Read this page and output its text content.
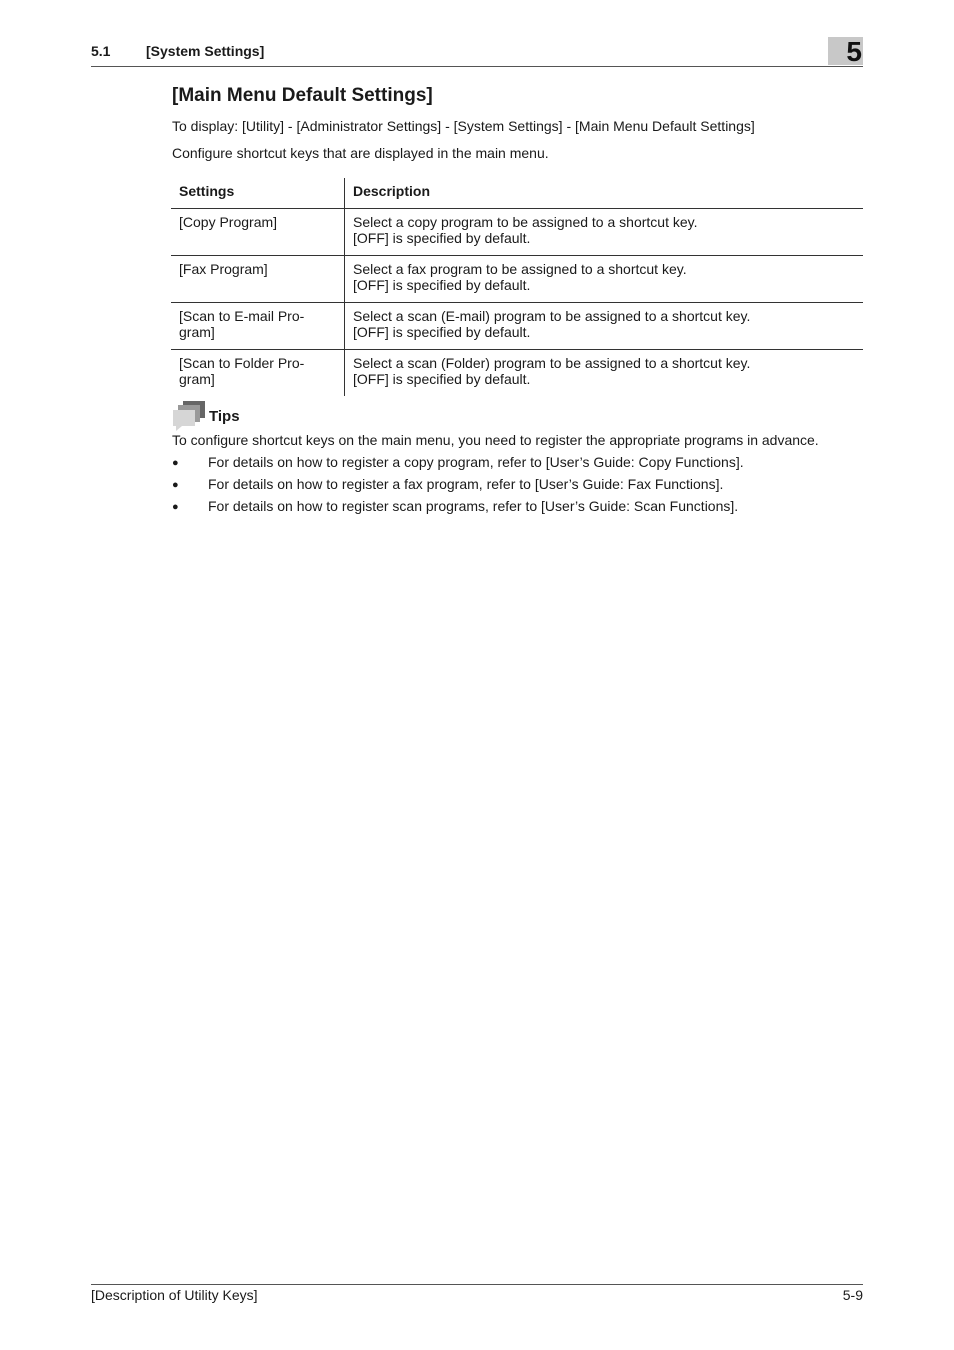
5.1	[System Settings]	5
[Main Menu Default Settings]
To display: [Utility] - [Administrator Settings] - [System Settings] - [Main Menu Default Settings]
Configure shortcut keys that are displayed in the main menu.
Settings	Description
[Copy Program]	Select a copy program to be assigned to a shortcut key.
[OFF] is specified by default.
[Fax Program]	Select a fax program to be assigned to a shortcut key.
[OFF] is specified by default.
[Scan to E-mail Pro-
gram]	Select a scan (E-mail) program to be assigned to a shortcut key.
[OFF] is specified by default.
[Scan to Folder Pro-
gram]	Select a scan (Folder) program to be assigned to a shortcut key.
[OFF] is specified by default.
Tips
To configure shortcut keys on the main menu, you need to register the appropriate programs in advance.
● For details on how to register a copy program, refer to [User’s Guide: Copy Functions].
● For details on how to register a fax program, refer to [User’s Guide: Fax Functions].
● For details on how to register scan programs, refer to [User’s Guide: Scan Functions].
[Description of Utility Keys]	5-9
